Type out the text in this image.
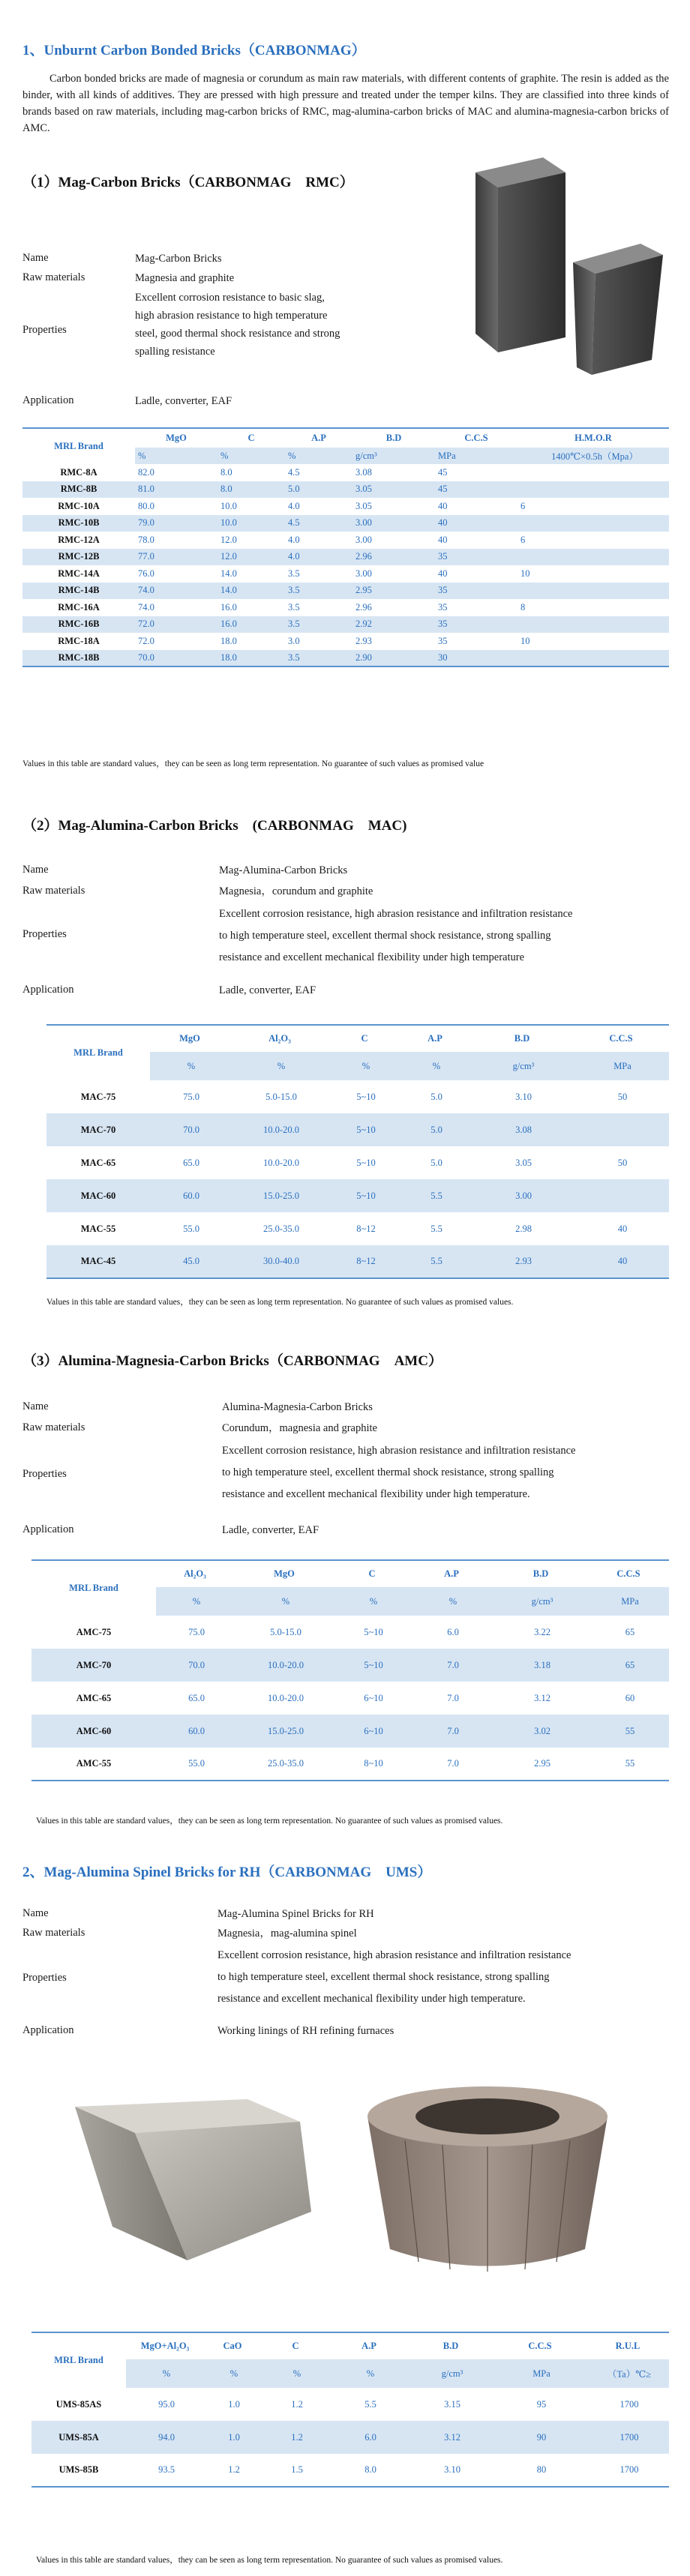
1、Unburnt Carbon Bonded Bricks（CARBONMAG）

Carbon bonded bricks are made of magnesia or corundum as main raw materials, with different contents of graphite. The resin is added as the binder, with all kinds of additives. They are pressed with high pressure and treated under the temper kilns. They are classified into three kinds of brands based on raw materials, including mag-carbon bricks of RMC, mag-alumina-carbon bricks of MAC and alumina-magnesia-carbon bricks of AMC.

（1）Mag-Carbon Bricks（CARBONMAG　RMC）
Name	Mag-Carbon Bricks
Raw materials	Magnesia and graphite
Properties
Excellent corrosion resistance to basic slag,
high abrasion resistance to high temperature
steel, good thermal shock resistance and strong
spalling resistance
Application	Ladle, converter, EAF
MRL Brand	MgO	C	A.P	B.D	C.C.S	H.M.O.R
	%	%	%	g/cm³	MPa	1400℃×0.5h（Mpa）
RMC-8A	82.0	8.0	4.5	3.08	45	
RMC-8B	81.0	8.0	5.0	3.05	45	
RMC-10A	80.0	10.0	4.0	3.05	40	6
RMC-10B	79.0	10.0	4.5	3.00	40	
RMC-12A	78.0	12.0	4.0	3.00	40	6
RMC-12B	77.0	12.0	4.0	2.96	35	
RMC-14A	76.0	14.0	3.5	3.00	40	10
RMC-14B	74.0	14.0	3.5	2.95	35	
RMC-16A	74.0	16.0	3.5	2.96	35	8
RMC-16B	72.0	16.0	3.5	2.92	35	
RMC-18A	72.0	18.0	3.0	2.93	35	10
RMC-18B	70.0	18.0	3.5	2.90	30	
Values in this table are standard values，they can be seen as long term representation. No guarantee of such values as promised value
（2）Mag-Alumina-Carbon Bricks　(CARBONMAG　MAC)
Name	Mag-Alumina-Carbon Bricks
Raw materials	Magnesia，corundum and graphite
Properties
Excellent corrosion resistance, high abrasion resistance and infiltration resistance
to high temperature steel, excellent thermal shock resistance, strong spalling
resistance and excellent mechanical flexibility under high temperature
Application	Ladle, converter, EAF
MRL Brand	MgO	Al₂O₃	C	A.P	B.D	C.C.S
	%	%	%	%	g/cm³	MPa
MAC-75	75.0	5.0-15.0	5~10	5.0	3.10	50
MAC-70	70.0	10.0-20.0	5~10	5.0	3.08	
MAC-65	65.0	10.0-20.0	5~10	5.0	3.05	50
MAC-60	60.0	15.0-25.0	5~10	5.5	3.00	
MAC-55	55.0	25.0-35.0	8~12	5.5	2.98	40
MAC-45	45.0	30.0-40.0	8~12	5.5	2.93	40
Values in this table are standard values，they can be seen as long term representation. No guarantee of such values as promised values.
（3）Alumina-Magnesia-Carbon Bricks（CARBONMAG　AMC）
Name	Alumina-Magnesia-Carbon Bricks
Raw materials	Corundum，magnesia and graphite
Properties
Excellent corrosion resistance, high abrasion resistance and infiltration resistance
to high temperature steel, excellent thermal shock resistance, strong spalling
resistance and excellent mechanical flexibility under high temperature.
Application	Ladle, converter, EAF
MRL Brand	Al₂O₃	MgO	C	A.P	B.D	C.C.S
	%	%	%	%	g/cm³	MPa
AMC-75	75.0	5.0-15.0	5~10	6.0	3.22	65
AMC-70	70.0	10.0-20.0	5~10	7.0	3.18	65
AMC-65	65.0	10.0-20.0	6~10	7.0	3.12	60
AMC-60	60.0	15.0-25.0	6~10	7.0	3.02	55
AMC-55	55.0	25.0-35.0	8~10	7.0	2.95	55
Values in this table are standard values，they can be seen as long term representation. No guarantee of such values as promised values.
2、Mag-Alumina Spinel Bricks for RH（CARBONMAG　UMS）
Name	Mag-Alumina Spinel Bricks for RH
Raw materials	Magnesia，mag-alumina spinel
Properties
Excellent corrosion resistance, high abrasion resistance and infiltration resistance
to high temperature steel, excellent thermal shock resistance, strong spalling
resistance and excellent mechanical flexibility under high temperature.
Application	Working linings of RH refining furnaces
MRL Brand	MgO+Al₂O₃	CaO	C	A.P	B.D	C.C.S	R.U.L
	%	%	%	%	g/cm³	MPa	（Ta）℃≥
UMS-85AS	95.0	1.0	1.2	5.5	3.15	95	1700
UMS-85A	94.0	1.0	1.2	6.0	3.12	90	1700
UMS-85B	93.5	1.2	1.5	8.0	3.10	80	1700
Values in this table are standard values，they can be seen as long term representation. No guarantee of such values as promised values.
